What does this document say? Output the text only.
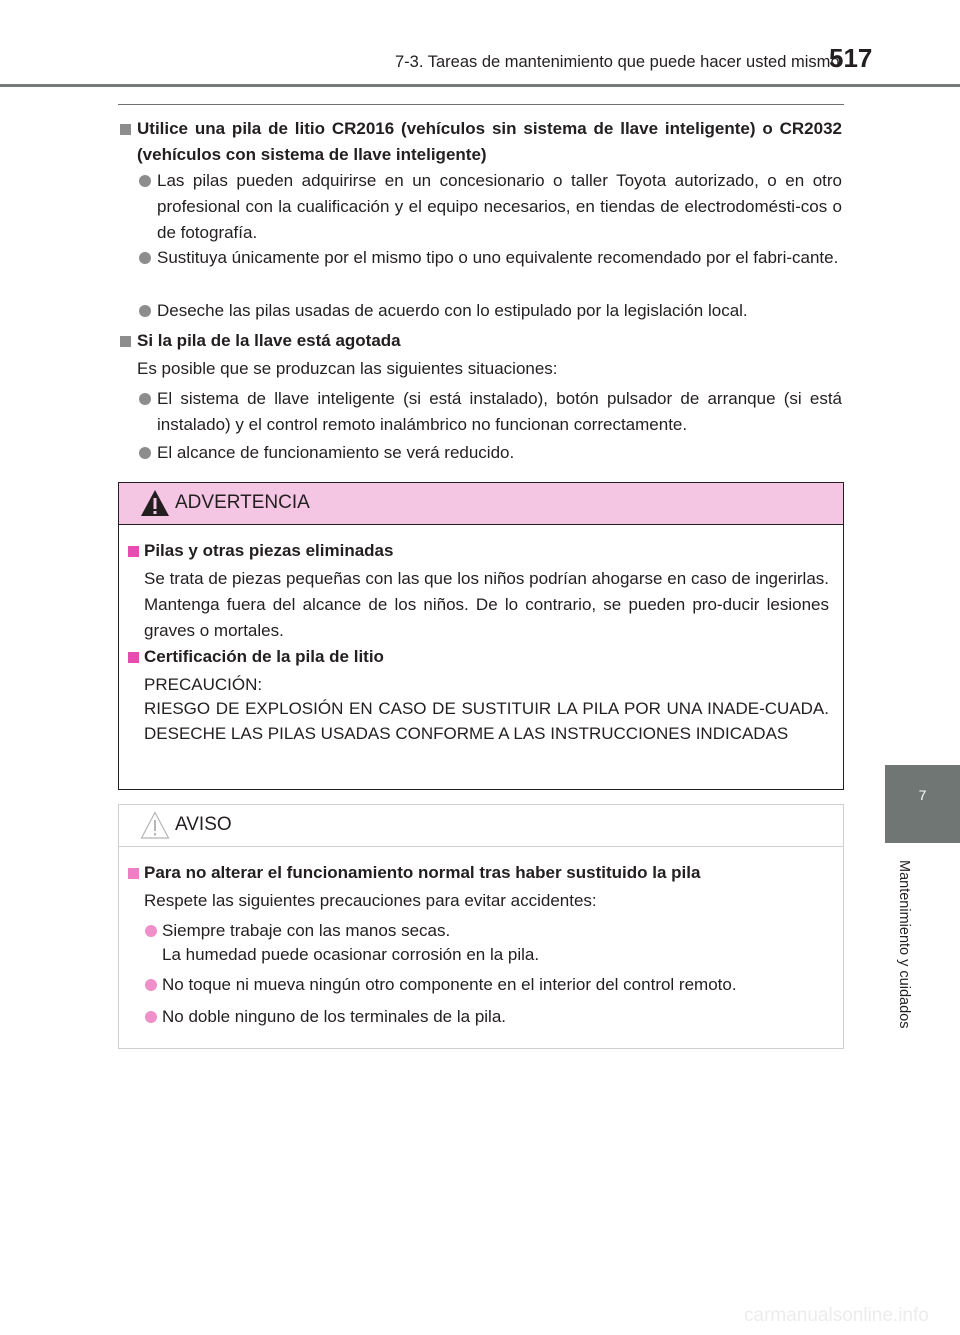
7-3. Tareas de mantenimiento que puede hacer usted mismo
517
7
Mantenimiento y cuidados

Utilice una pila de litio CR2016 (vehículos sin sistema de llave inteligente) o CR2032 (vehículos con sistema de llave inteligente)

Las pilas pueden adquirirse en un concesionario o taller Toyota autorizado, o en otro profesional con la cualificación y el equipo necesarios, en tiendas de electrodomésti-cos o de fotografía.

Sustituya únicamente por el mismo tipo o uno equivalente recomendado por el fabri-cante.

Deseche las pilas usadas de acuerdo con lo estipulado por la legislación local.

Si la pila de la llave está agotada

Es posible que se produzcan las siguientes situaciones:

El sistema de llave inteligente (si está instalado), botón pulsador de arranque (si está instalado) y el control remoto inalámbrico no funcionan correctamente.

El alcance de funcionamiento se verá reducido.

ADVERTENCIA

Pilas y otras piezas eliminadas

Se trata de piezas pequeñas con las que los niños podrían ahogarse en caso de ingerirlas. Mantenga fuera del alcance de los niños. De lo contrario, se pueden pro-ducir lesiones graves o mortales.

Certificación de la pila de litio

PRECAUCIÓN:

RIESGO DE EXPLOSIÓN EN CASO DE SUSTITUIR LA PILA POR UNA INADE-CUADA. DESECHE LAS PILAS USADAS CONFORME A LAS INSTRUCCIONES INDICADAS

AVISO

Para no alterar el funcionamiento normal tras haber sustituido la pila

Respete las siguientes precauciones para evitar accidentes:

Siempre trabaje con las manos secas.

La humedad puede ocasionar corrosión en la pila.

No toque ni mueva ningún otro componente en el interior del control remoto.

No doble ninguno de los terminales de la pila.

carmanualsonline.info
